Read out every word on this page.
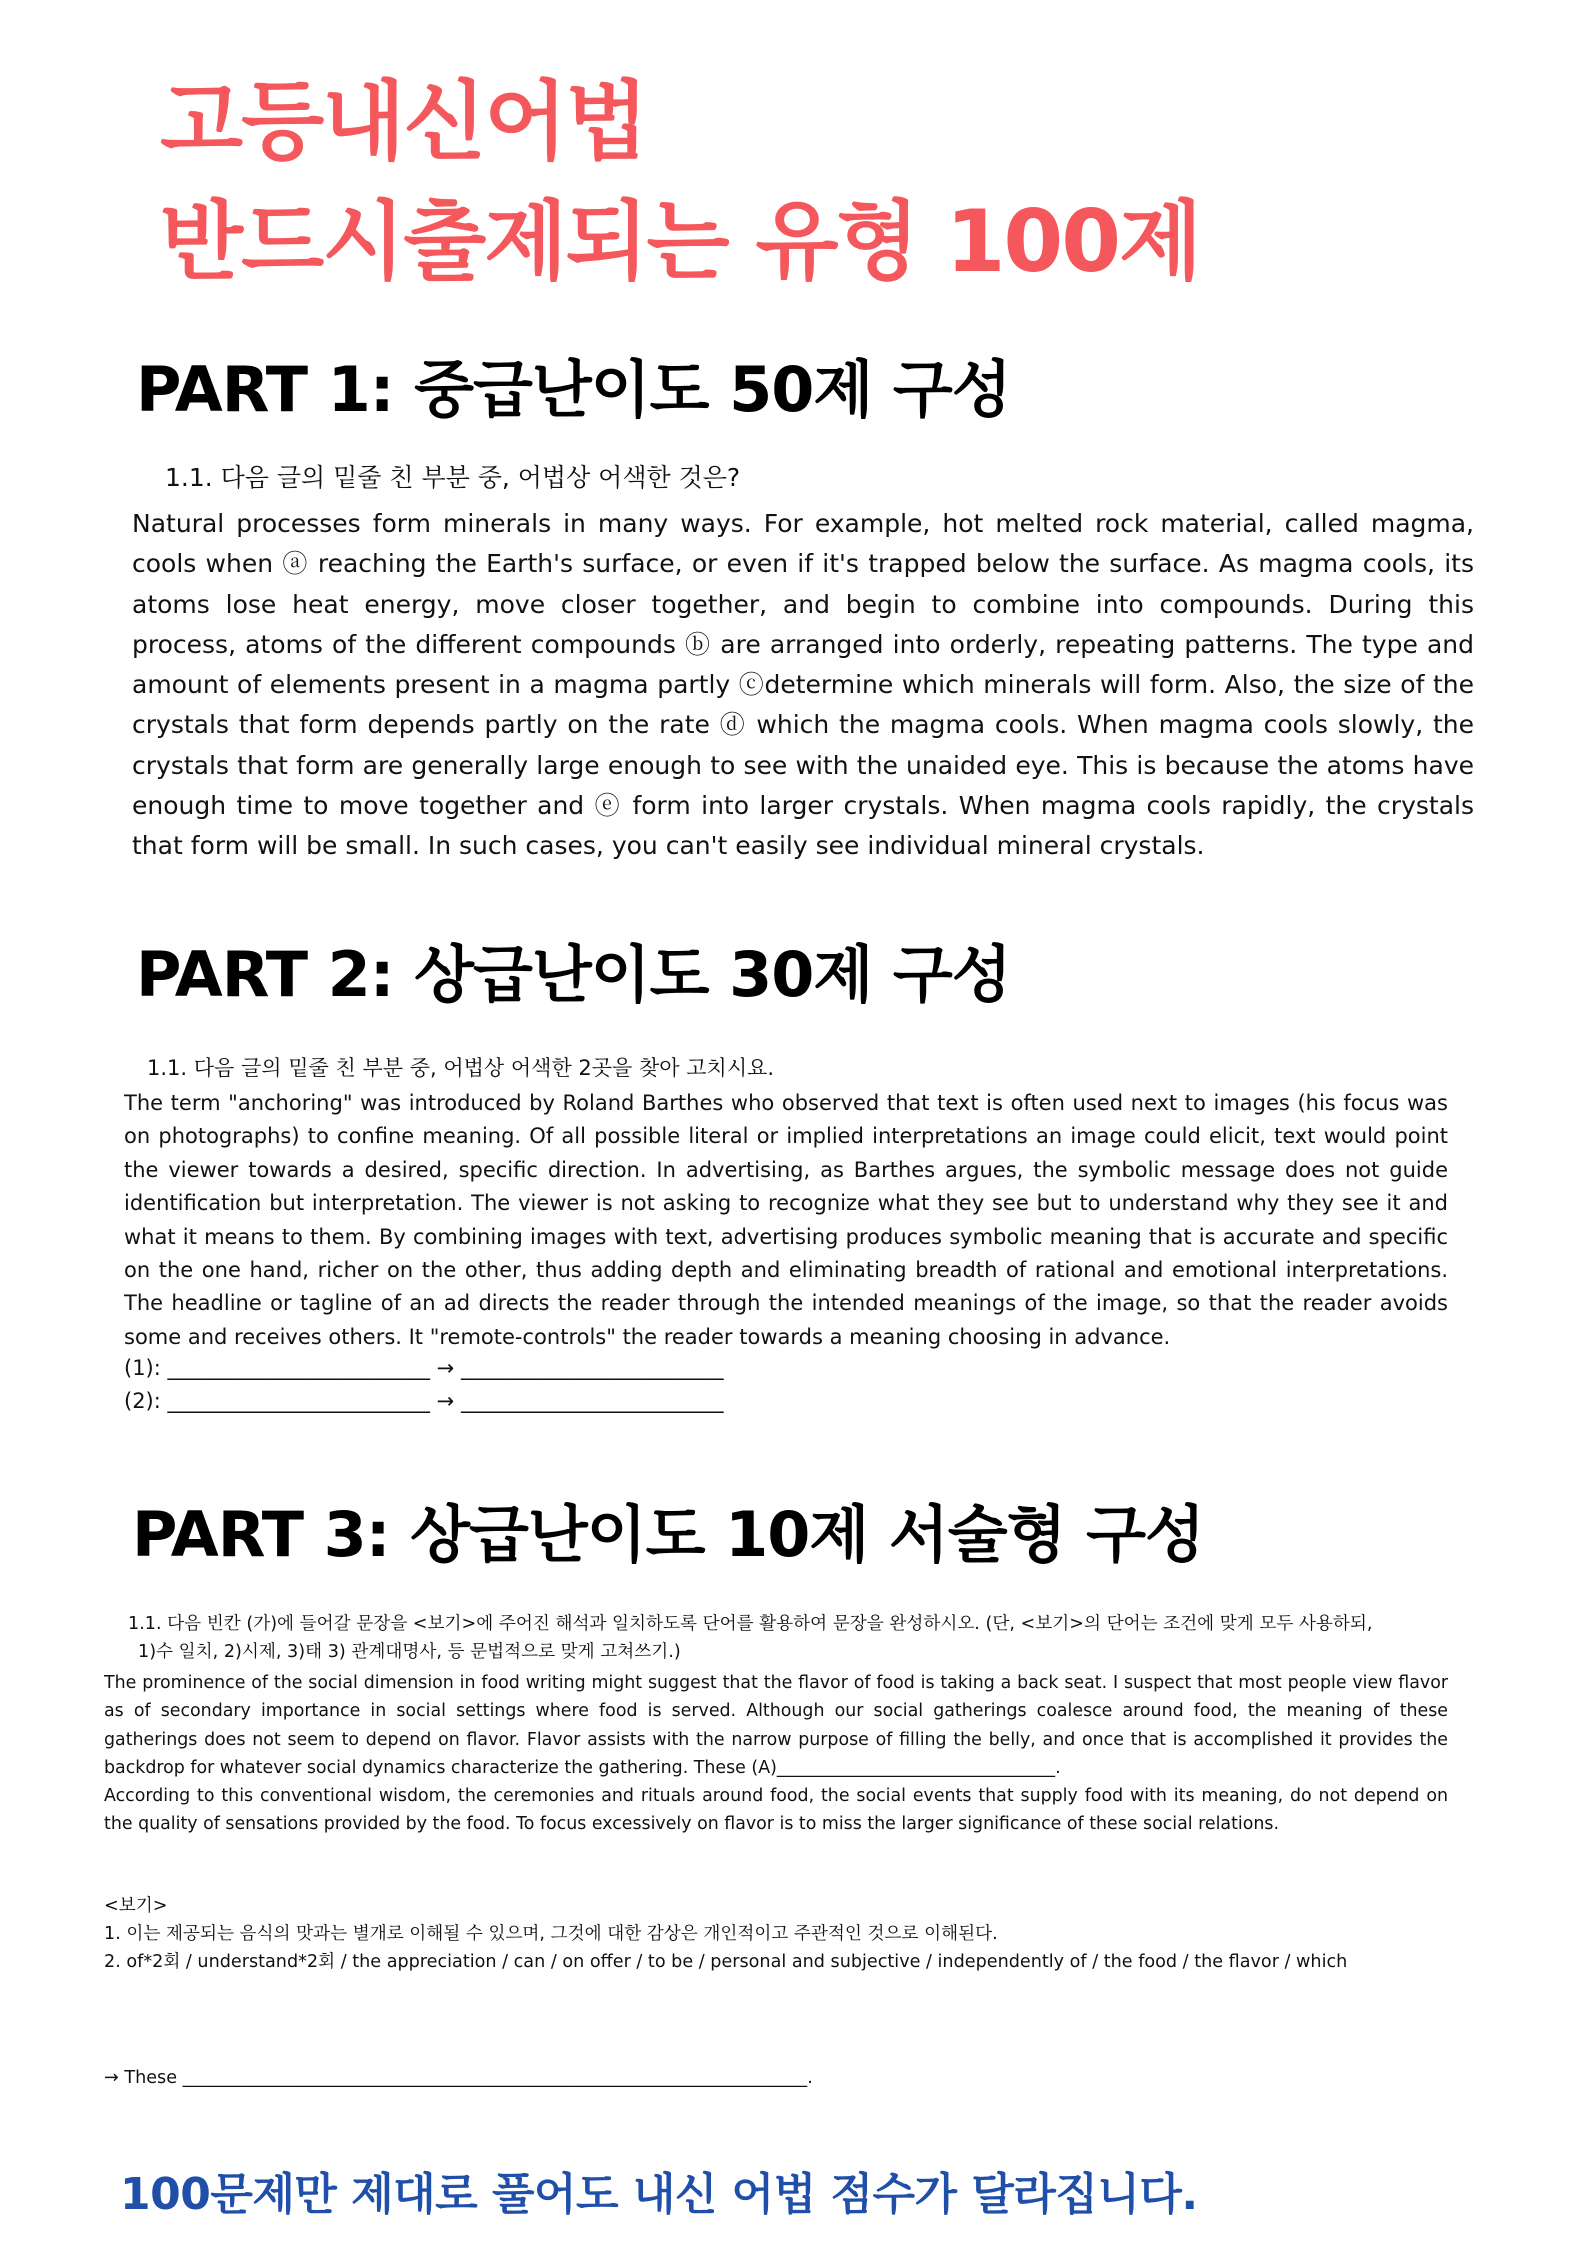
고등내신어법
반드시출제되는 유형 100제
PART 1: 중급난이도 50제 구성

1.1. 다음 글의 밑줄 친 부분 중, 어법상 어색한 것은?

Natural processes form minerals in many ways. For example, hot melted rock material, called magma, cools when ⓐ reaching the Earth's surface, or even if it's trapped below the surface. As magma cools, its atoms lose heat energy, move closer together, and begin to combine into compounds. During this process, atoms of the different compounds ⓑ are arranged into orderly, repeating patterns. The type and amount of elements present in a magma partly ⓒdetermine which minerals will form. Also, the size of the crystals that form depends partly on the rate ⓓ which the magma cools. When magma cools slowly, the crystals that form are generally large enough to see with the unaided eye. This is because the atoms have enough time to move together and ⓔ form into larger crystals. When magma cools rapidly, the crystals that form will be small. In such cases, you can't easily see individual mineral crystals.

PART 2: 상급난이도 30제 구성

1.1. 다음 글의 밑줄 친 부분 중, 어법상 어색한 2곳을 찾아 고치시요.

The term "anchoring" was introduced by Roland Barthes who observed that text is often used next to images (his focus was on photographs) to confine meaning. Of all possible literal or implied interpretations an image could elicit, text would point the viewer towards a desired, specific direction. In advertising, as Barthes argues, the symbolic message does not guide identification but interpretation. The viewer is not asking to recognize what they see but to understand why they see it and what it means to them. By combining images with text, advertising produces symbolic meaning that is accurate and specific on the one hand, richer on the other, thus adding depth and eliminating breadth of rational and emotional interpretations. The headline or tagline of an ad directs the reader through the intended meanings of the image, so that the reader avoids some and receives others. It "remote-controls" the reader towards a meaning choosing in advance.

(1): _________________________ → _________________________

(2): _________________________ → _________________________

PART 3: 상급난이도 10제 서술형 구성

1.1. 다음 빈칸 (가)에 들어갈 문장을 <보기>에 주어진 해석과 일치하도록 단어를 활용하여 문장을 완성하시오. (단, <보기>의 단어는 조건에 맞게 모두 사용하되,

1)수 일치, 2)시제, 3)태 3) 관계대명사, 등 문법적으로 맞게 고쳐쓰기.)

The prominence of the social dimension in food writing might suggest that the flavor of food is taking a back seat. I suspect that most people view flavor as of secondary importance in social settings where food is served. Although our social gatherings coalesce around food, the meaning of these gatherings does not seem to depend on flavor. Flavor assists with the narrow purpose of filling the belly, and once that is accomplished it provides the backdrop for whatever social dynamics characterize the gathering. These (A)________________________________.

According to this conventional wisdom, the ceremonies and rituals around food, the social events that supply food with its meaning, do not depend on the quality of sensations provided by the food. To focus excessively on flavor is to miss the larger significance of these social relations.

<보기>

1. 이는 제공되는 음식의 맛과는 별개로 이해될 수 있으며, 그것에 대한 감상은 개인적이고 주관적인 것으로 이해된다.

2. of*2회 / understand*2회 / the appreciation / can / on offer / to be / personal and subjective / independently of / the food / the flavor / which

→ These _______________________________________________________________________.

100문제만 제대로 풀어도 내신 어법 점수가 달라집니다.
